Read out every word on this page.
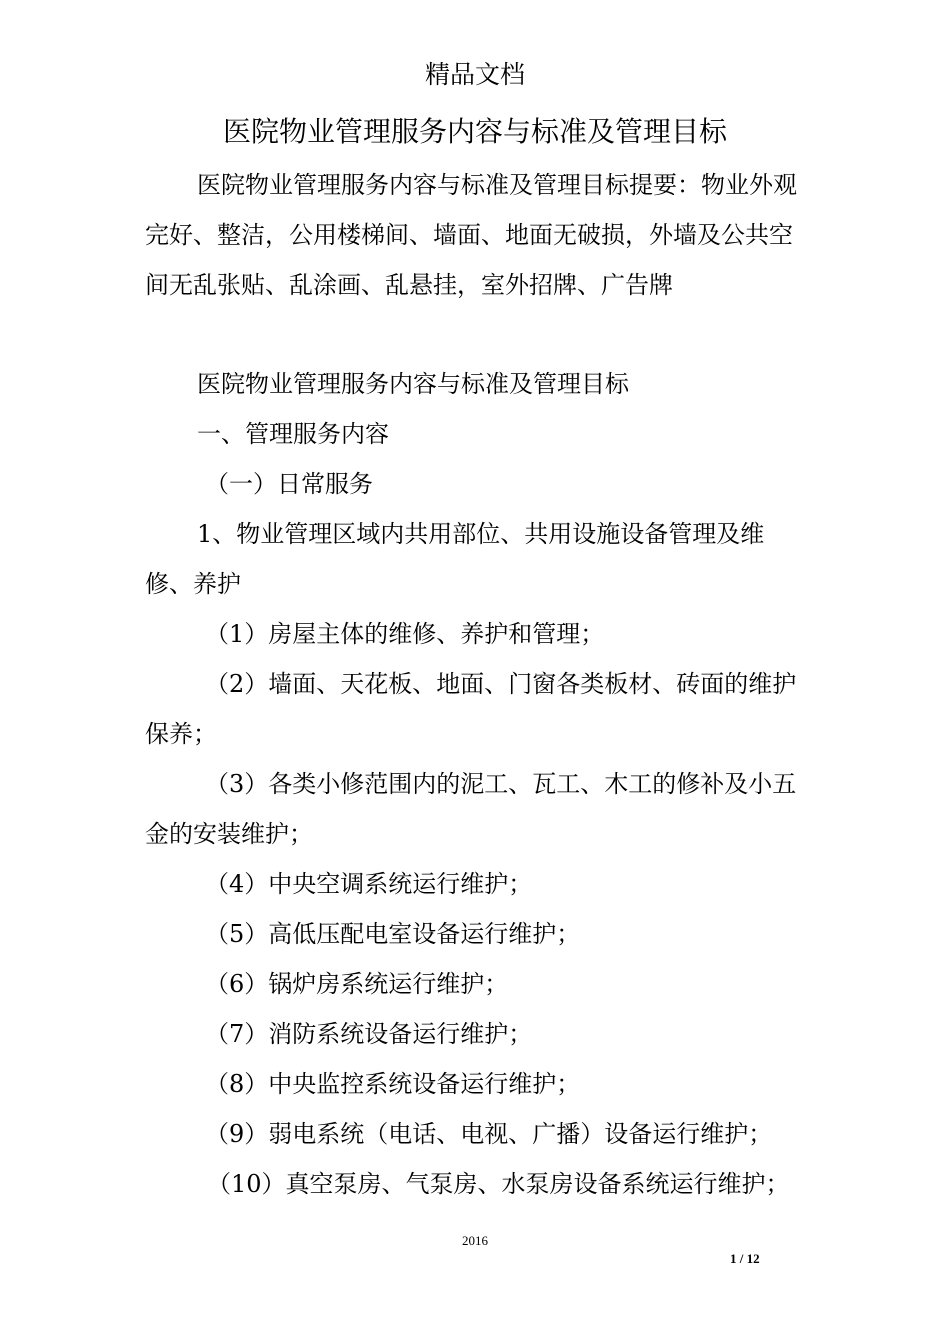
精品文档
医院物业管理服务内容与标准及管理目标

医院物业管理服务内容与标准及管理目标提要：物业外观完好、整洁，公用楼梯间、墙面、地面无破损，外墙及公共空间无乱张贴、乱涂画、乱悬挂，室外招牌、广告牌

医院物业管理服务内容与标准及管理目标

一、管理服务内容

（一）日常服务

1、物业管理区域内共用部位、共用设施设备管理及维修、养护

（1）房屋主体的维修、养护和管理；

（2）墙面、天花板、地面、门窗各类板材、砖面的维护保养；

（3）各类小修范围内的泥工、瓦工、木工的修补及小五金的安装维护；

（4）中央空调系统运行维护；

（5）高低压配电室设备运行维护；

（6）锅炉房系统运行维护；

（7）消防系统设备运行维护；

（8）中央监控系统设备运行维护；

（9）弱电系统（电话、电视、广播）设备运行维护；

（10）真空泵房、气泵房、水泵房设备系统运行维护；

2016
1 / 12
